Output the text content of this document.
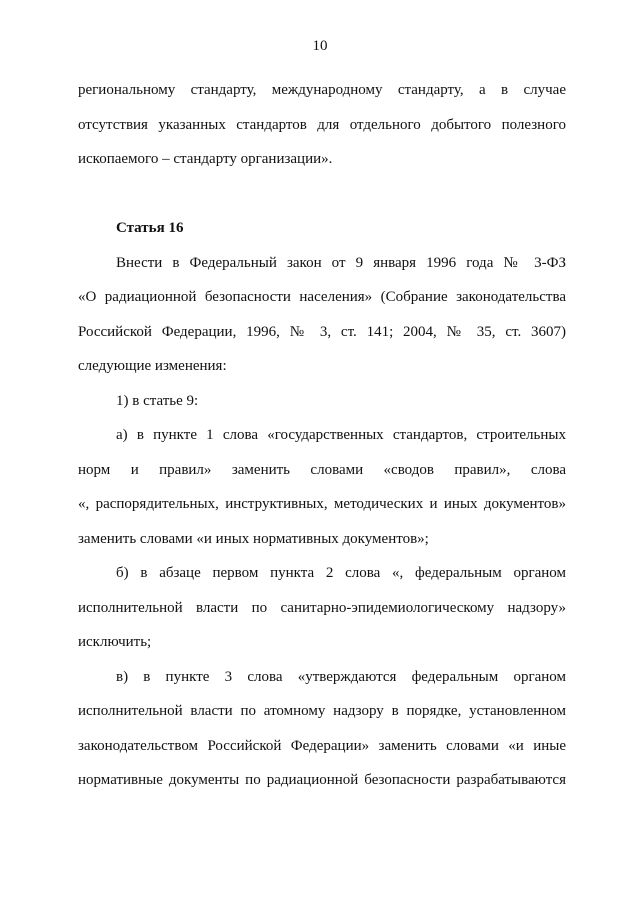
10
региональному стандарту, международному стандарту, а в случае
отсутствия указанных стандартов для отдельного добытого полезного
ископаемого – стандарту организации».
Статья 16
Внести в Федеральный закон от 9 января 1996 года № 3-ФЗ
«О радиационной безопасности населения» (Собрание законодательства
Российской Федерации, 1996, № 3, ст. 141; 2004, № 35, ст. 3607)
следующие изменения:
1) в статье 9:
а) в пункте 1 слова «государственных стандартов, строительных
норм и правил» заменить словами «сводов правил», слова
«, распорядительных, инструктивных, методических и иных документов»
заменить словами «и иных нормативных документов»;
б) в абзаце первом пункта 2 слова «, федеральным органом
исполнительной власти по санитарно-эпидемиологическому надзору»
исключить;
в) в пункте 3 слова «утверждаются федеральным органом
исполнительной власти по атомному надзору в порядке, установленном
законодательством Российской Федерации» заменить словами «и иные
нормативные документы по радиационной безопасности разрабатываются
